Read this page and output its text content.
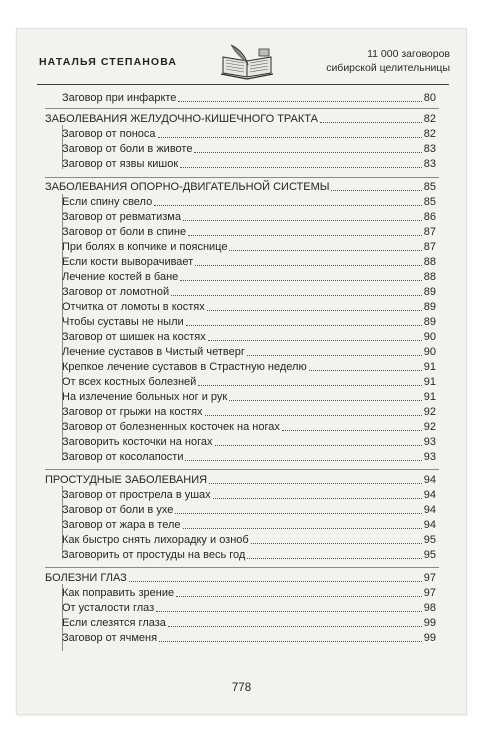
НАТАЛЬЯ СТЕПАНОВА
11 000 заговоров
сибирской целительницы
Заговор при инфаркте	80
ЗАБОЛЕВАНИЯ ЖЕЛУДОЧНО-КИШЕЧНОГО ТРАКТА	82
Заговор от поноса	82
Заговор от боли в животе	83
Заговор от язвы кишок	83
ЗАБОЛЕВАНИЯ ОПОРНО-ДВИГАТЕЛЬНОЙ СИСТЕМЫ	85
Если спину свело	85
Заговор от ревматизма	86
Заговор от боли в спине	87
При болях в копчике и пояснице	87
Если кости выворачивает	88
Лечение костей в бане	88
Заговор от ломотной	89
Отчитка от ломоты в костях	89
Чтобы суставы не ныли	89
Заговор от шишек на костях	90
Лечение суставов в Чистый четверг	90
Крепкое лечение суставов в Страстную неделю	91
От всех костных болезней	91
На излечение больных ног и рук	91
Заговор от грыжи на костях	92
Заговор от болезненных косточек на ногах	92
Заговорить косточки на ногах	93
Заговор от косолапости	93
ПРОСТУДНЫЕ ЗАБОЛЕВАНИЯ	94
Заговор от прострела в ушах	94
Заговор от боли в ухе	94
Заговор от жара в теле	94
Как быстро снять лихорадку и озноб	95
Заговорить от простуды на весь год	95
БОЛЕЗНИ ГЛАЗ	97
Как поправить зрение	97
От усталости глаз	98
Если слезятся глаза	99
Заговор от ячменя	99
778
